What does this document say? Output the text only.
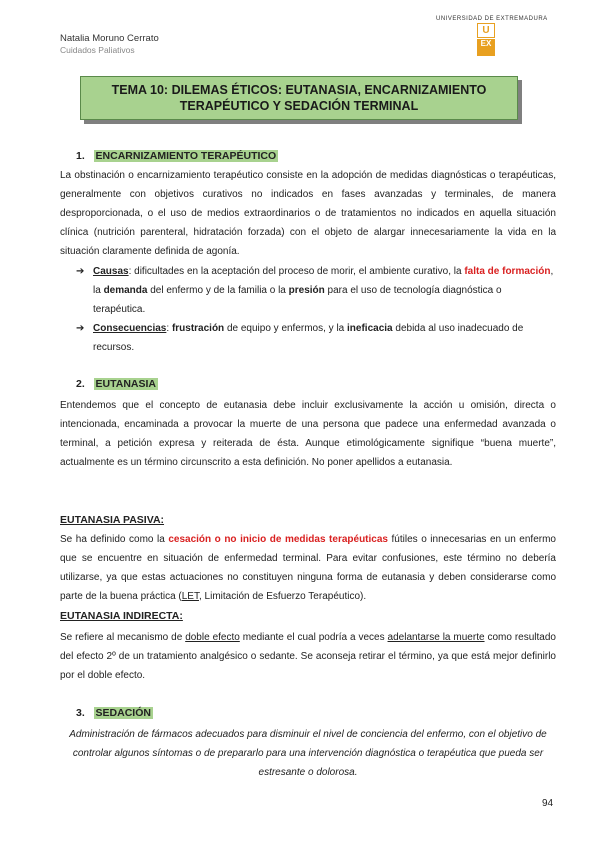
Natalia Moruno Cerrato
Cuidados Paliativos
UNIVERSIDAD DE EXTREMADURA
U
EX
TEMA 10: DILEMAS ÉTICOS: EUTANASIA, ENCARNIZAMIENTO
TERAPÉUTICO Y SEDACIÓN TERMINAL
1. ENCARNIZAMIENTO TERAPÉUTICO
La obstinación o encarnizamiento terapéutico consiste en la adopción de medidas diagnósticas o terapéuticas, generalmente con objetivos curativos no indicados en fases avanzadas y terminales, de manera desproporcionada, o el uso de medios extraordinarios o de tratamientos no indicados en aquella situación clínica (nutrición parenteral, hidratación forzada) con el objeto de alargar innecesariamente la vida en la situación claramente definida de agonía.
➔ Causas: dificultades en la aceptación del proceso de morir, el ambiente curativo, la falta de formación, la demanda del enfermo y de la familia o la presión para el uso de tecnología diagnóstica o terapéutica.
➔ Consecuencias: frustración de equipo y enfermos, y la ineficacia debida al uso inadecuado de recursos.
2. EUTANASIA
Entendemos que el concepto de eutanasia debe incluir exclusivamente la acción u omisión, directa o intencionada, encaminada a provocar la muerte de una persona que padece una enfermedad avanzada o terminal, a petición expresa y reiterada de ésta. Aunque etimológicamente signifique “buena muerte”, actualmente es un término circunscrito a esta definición. No poner apellidos a eutanasia.
EUTANASIA PASIVA:
Se ha definido como la cesación o no inicio de medidas terapéuticas fútiles o innecesarias en un enfermo que se encuentre en situación de enfermedad terminal. Para evitar confusiones, este término no debería utilizarse, ya que estas actuaciones no constituyen ninguna forma de eutanasia y deben considerarse como parte de la buena práctica (LET, Limitación de Esfuerzo Terapéutico).
EUTANASIA INDIRECTA:
Se refiere al mecanismo de doble efecto mediante el cual podría a veces adelantarse la muerte como resultado del efecto 2º de un tratamiento analgésico o sedante. Se aconseja retirar el término, ya que está mejor definirlo por el doble efecto.
3. SEDACIÓN
Administración de fármacos adecuados para disminuir el nivel de conciencia del enfermo, con el objetivo de controlar algunos síntomas o de prepararlo para una intervención diagnóstica o terapéutica que pueda ser estresante o dolorosa.
94
